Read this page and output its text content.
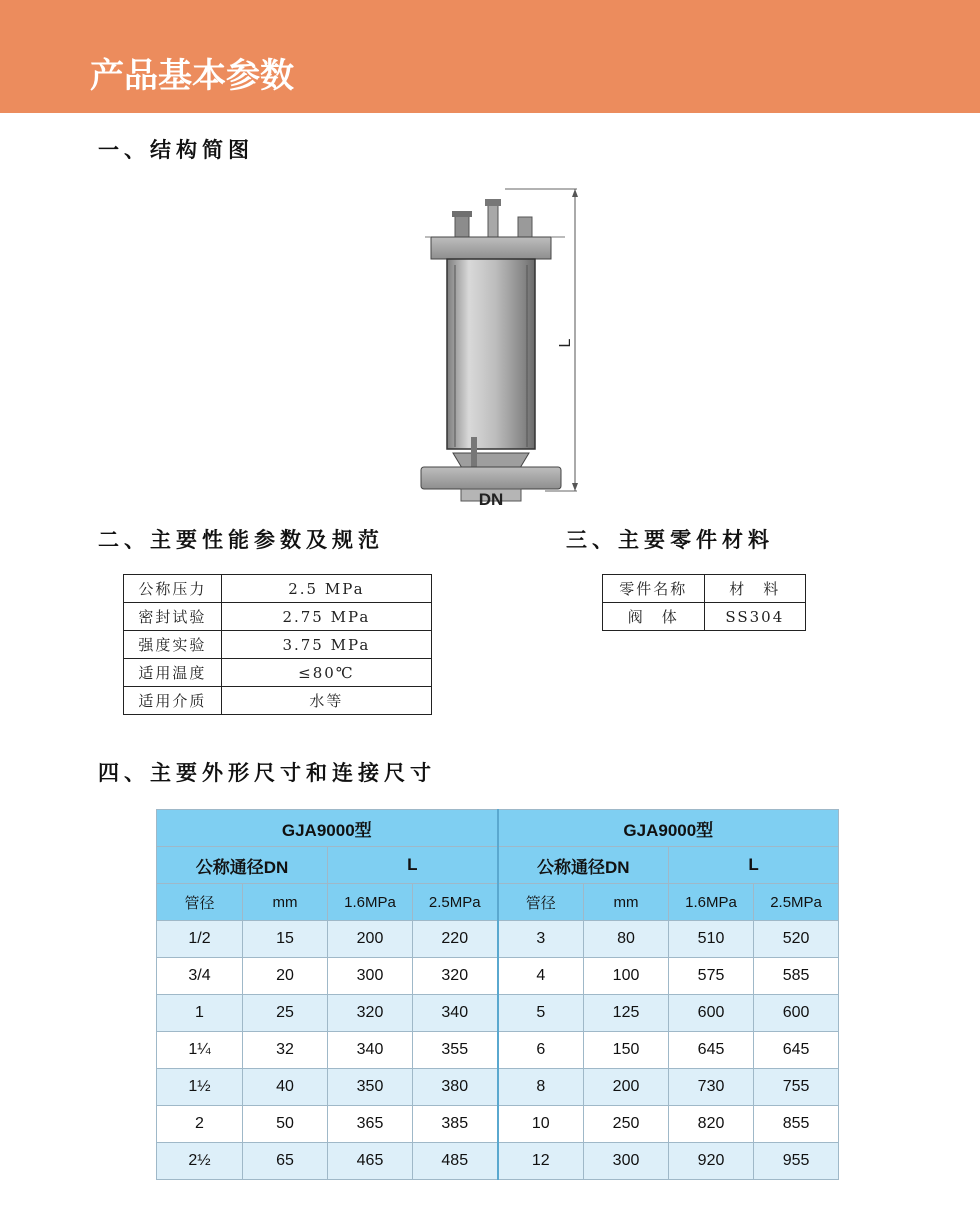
产品基本参数
一、结构简图
L
DN
二、主要性能参数及规范	三、主要零件材料
公称压力	2.5 MPa
密封试验	2.75 MPa
强度实验	3.75 MPa
适用温度	≤80℃
适用介质	水等
零件名称	材　料
阀　体	SS304
四、主要外形尺寸和连接尺寸
GJA9000型				GJA9000型			
公称通径DN		L		公称通径DN		L	
管径	mm	1.6MPa	2.5MPa	管径	mm	1.6MPa	2.5MPa
1/2	15	200	220	3	80	510	520
3/4	20	300	320	4	100	575	585
1	25	320	340	5	125	600	600
1¼	32	340	355	6	150	645	645
1½	40	350	380	8	200	730	755
2	50	365	385	10	250	820	855
2½	65	465	485	12	300	920	955
